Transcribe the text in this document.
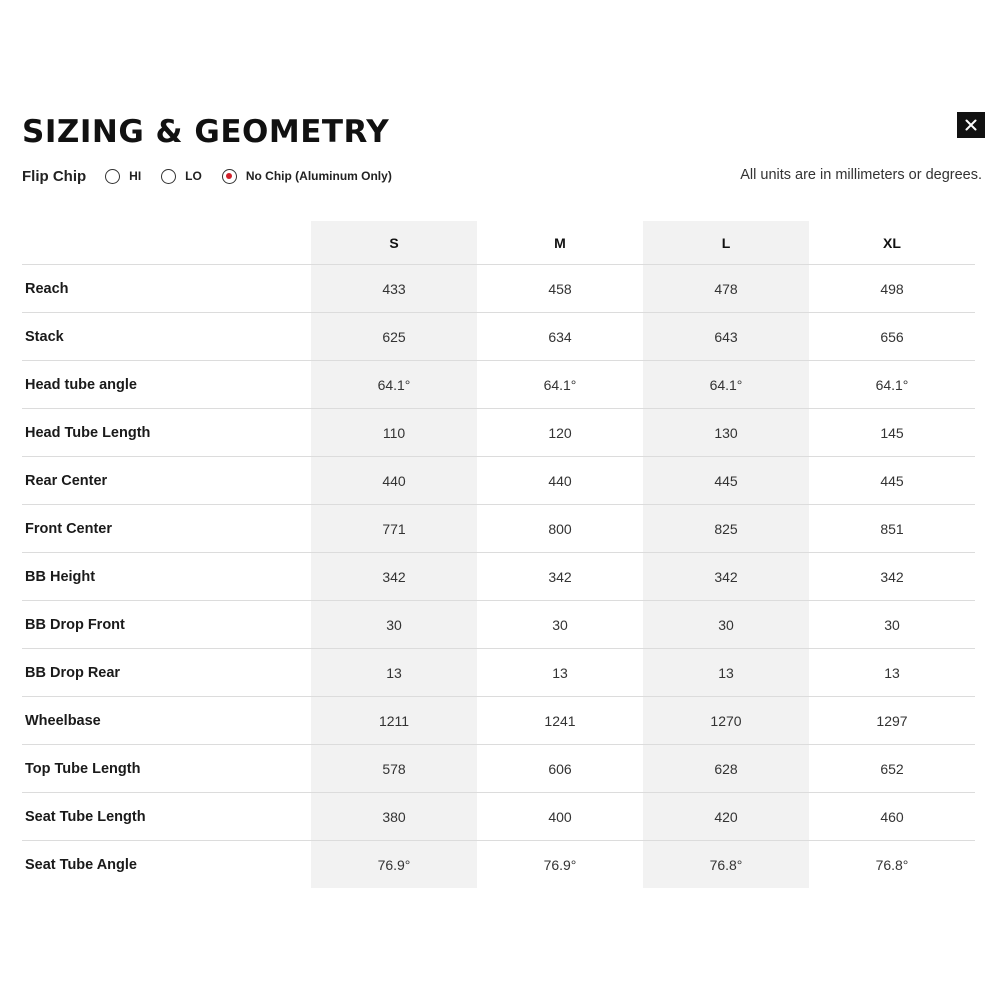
SIZING & GEOMETRY
Flip Chip	HI	LO	No Chip (Aluminum Only)	All units are in millimeters or degrees.
	S	M	L	XL
Reach	433	458	478	498
Stack	625	634	643	656
Head tube angle	64.1°	64.1°	64.1°	64.1°
Head Tube Length	110	120	130	145
Rear Center	440	440	445	445
Front Center	771	800	825	851
BB Height	342	342	342	342
BB Drop Front	30	30	30	30
BB Drop Rear	13	13	13	13
Wheelbase	1211	1241	1270	1297
Top Tube Length	578	606	628	652
Seat Tube Length	380	400	420	460
Seat Tube Angle	76.9°	76.9°	76.8°	76.8°
